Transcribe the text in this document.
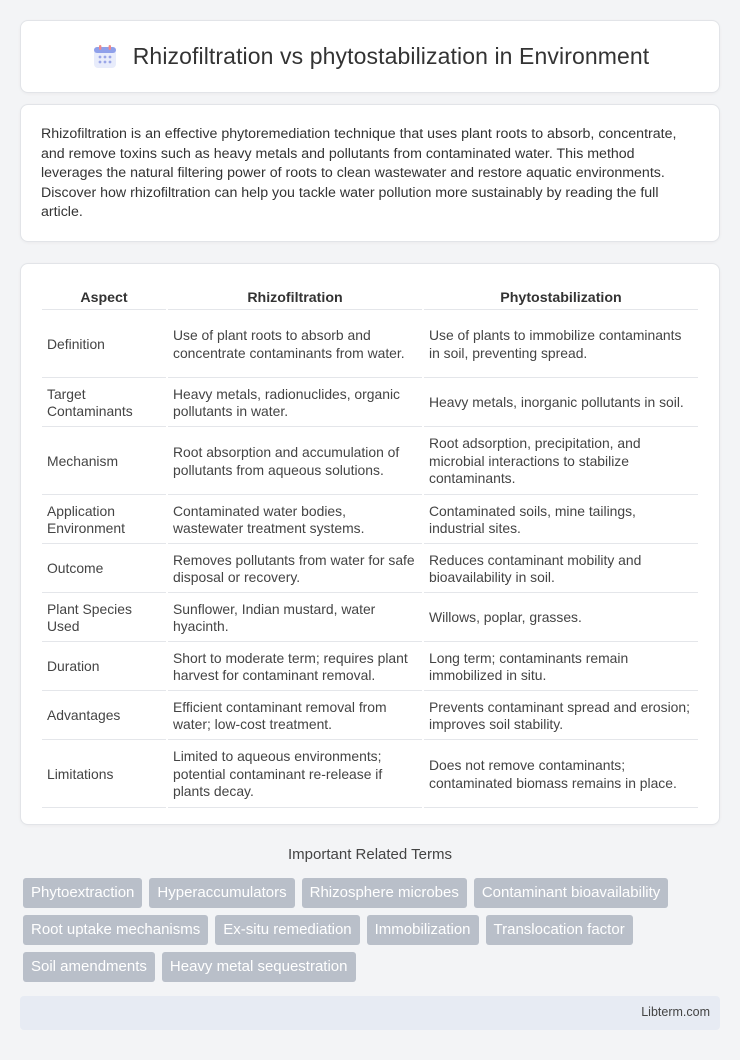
Rhizofiltration vs phytostabilization in Environment

Rhizofiltration is an effective phytoremediation technique that uses plant roots to absorb, concentrate, and remove toxins such as heavy metals and pollutants from contaminated water. This method leverages the natural filtering power of roots to clean wastewater and restore aquatic environments. Discover how rhizofiltration can help you tackle water pollution more sustainably by reading the full article.

Aspect	Rhizofiltration	Phytostabilization
Definition	Use of plant roots to absorb and concentrate contaminants from water.	Use of plants to immobilize contaminants in soil, preventing spread.
Target Contaminants	Heavy metals, radionuclides, organic pollutants in water.	Heavy metals, inorganic pollutants in soil.
Mechanism	Root absorption and accumulation of pollutants from aqueous solutions.	Root adsorption, precipitation, and microbial interactions to stabilize contaminants.
Application Environment	Contaminated water bodies, wastewater treatment systems.	Contaminated soils, mine tailings, industrial sites.
Outcome	Removes pollutants from water for safe disposal or recovery.	Reduces contaminant mobility and bioavailability in soil.
Plant Species Used	Sunflower, Indian mustard, water hyacinth.	Willows, poplar, grasses.
Duration	Short to moderate term; requires plant harvest for contaminant removal.	Long term; contaminants remain immobilized in situ.
Advantages	Efficient contaminant removal from water; low-cost treatment.	Prevents contaminant spread and erosion; improves soil stability.
Limitations	Limited to aqueous environments; potential contaminant re-release if plants decay.	Does not remove contaminants; contaminated biomass remains in place.
Important Related Terms
Phytoextraction	Hyperaccumulators	Rhizosphere microbes	Contaminant bioavailability
Root uptake mechanisms	Ex-situ remediation	Immobilization	Translocation factor
Soil amendments	Heavy metal sequestration
Libterm.com
